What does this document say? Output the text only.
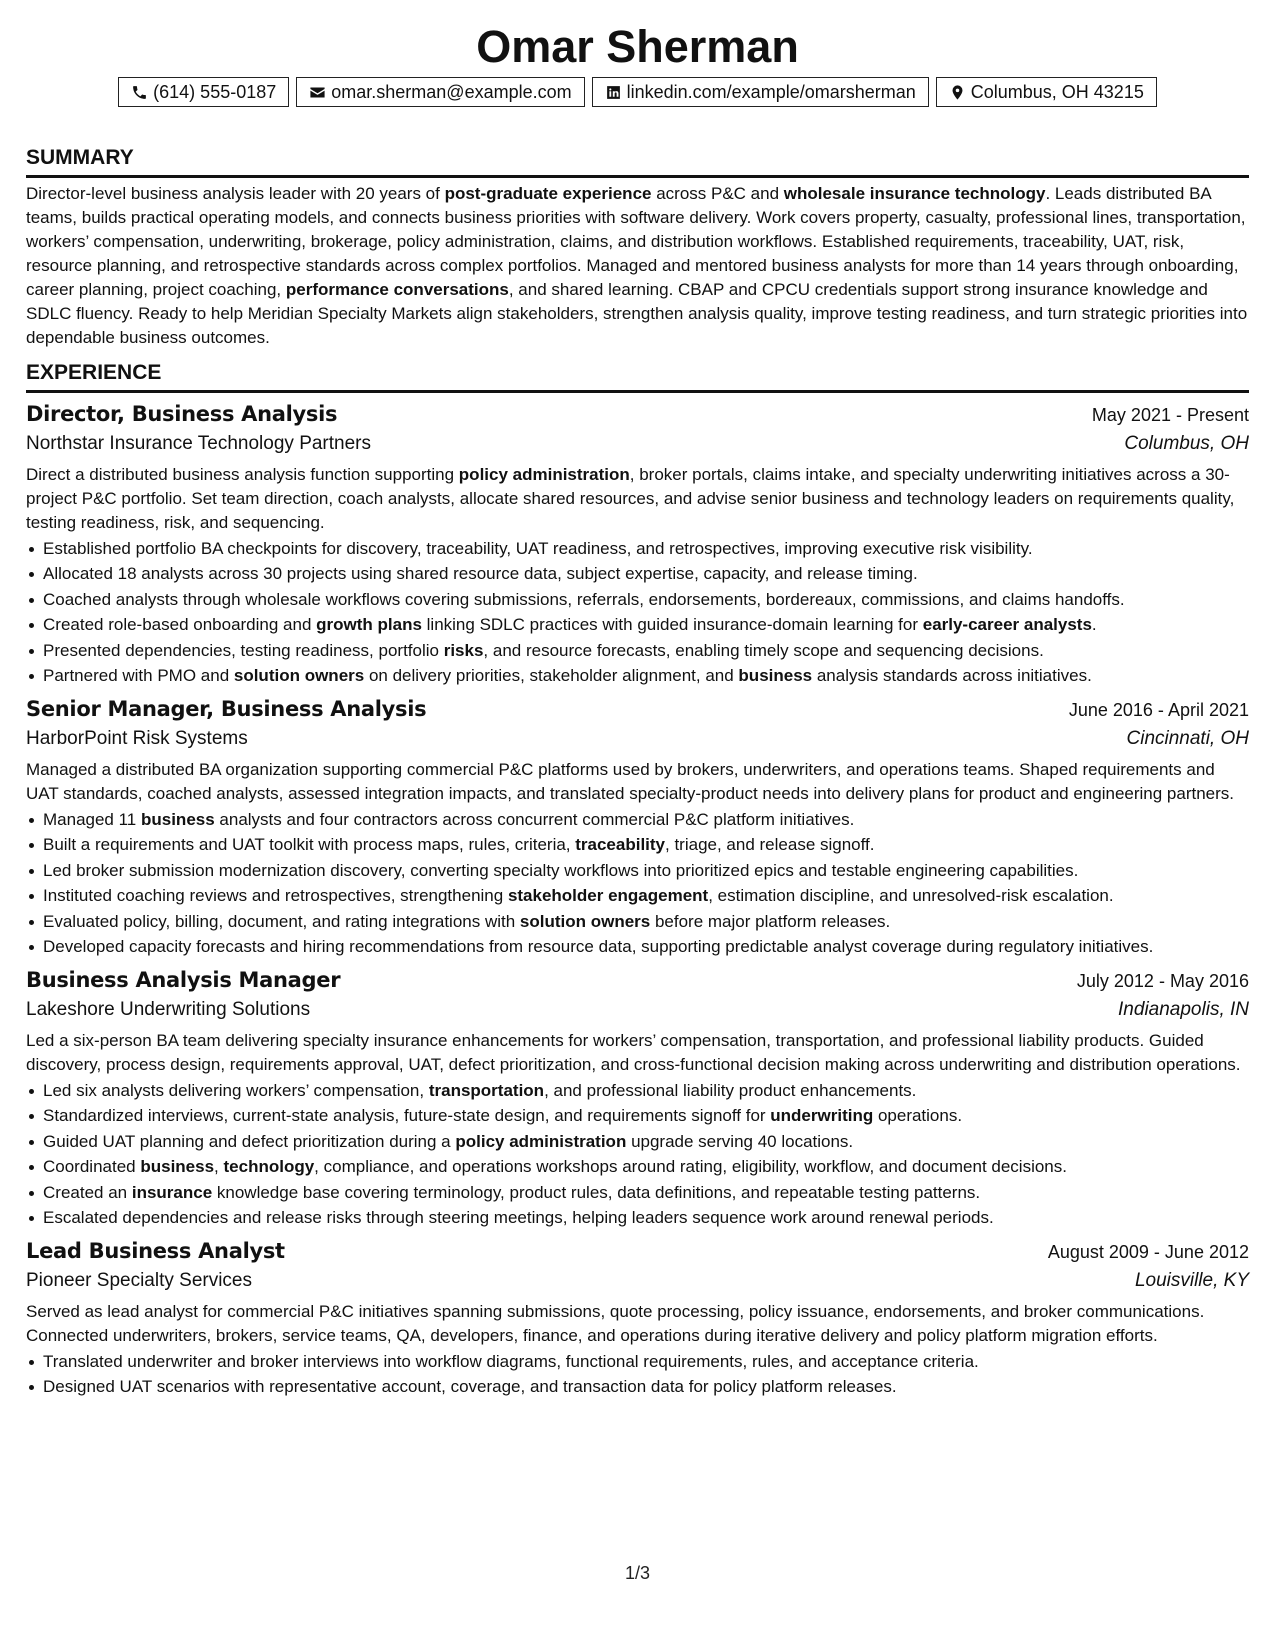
Omar Sherman
(614) 555-0187	omar.sherman@example.com	linkedin.com/example/omarsherman	Columbus, OH 43215
SUMMARY

Director-level business analysis leader with 20 years of post-graduate experience across P&C and wholesale insurance technology. Leads distributed BA teams, builds practical operating models, and connects business priorities with software delivery. Work covers property, casualty, professional lines, transportation, workers’ compensation, underwriting, brokerage, policy administration, claims, and distribution workflows. Established requirements, traceability, UAT, risk, resource planning, and retrospective standards across complex portfolios. Managed and mentored business analysts for more than 14 years through onboarding, career planning, project coaching, performance conversations, and shared learning. CBAP and CPCU credentials support strong insurance knowledge and SDLC fluency. Ready to help Meridian Specialty Markets align stakeholders, strengthen analysis quality, improve testing readiness, and turn strategic priorities into dependable business outcomes.

EXPERIENCE
Director, Business Analysis	May 2021 - Present
Northstar Insurance Technology Partners	Columbus, OH

Direct a distributed business analysis function supporting policy administration, broker portals, claims intake, and specialty underwriting initiatives across a 30-project P&C portfolio. Set team direction, coach analysts, allocate shared resources, and advise senior business and technology leaders on requirements quality, testing readiness, risk, and sequencing.

Established portfolio BA checkpoints for discovery, traceability, UAT readiness, and retrospectives, improving executive risk visibility.
Allocated 18 analysts across 30 projects using shared resource data, subject expertise, capacity, and release timing.
Coached analysts through wholesale workflows covering submissions, referrals, endorsements, bordereaux, commissions, and claims handoffs.
Created role-based onboarding and growth plans linking SDLC practices with guided insurance-domain learning for early-career analysts.
Presented dependencies, testing readiness, portfolio risks, and resource forecasts, enabling timely scope and sequencing decisions.
Partnered with PMO and solution owners on delivery priorities, stakeholder alignment, and business analysis standards across initiatives.
Senior Manager, Business Analysis	June 2016 - April 2021
HarborPoint Risk Systems	Cincinnati, OH

Managed a distributed BA organization supporting commercial P&C platforms used by brokers, underwriters, and operations teams. Shaped requirements and UAT standards, coached analysts, assessed integration impacts, and translated specialty-product needs into delivery plans for product and engineering partners.

Managed 11 business analysts and four contractors across concurrent commercial P&C platform initiatives.
Built a requirements and UAT toolkit with process maps, rules, criteria, traceability, triage, and release signoff.
Led broker submission modernization discovery, converting specialty workflows into prioritized epics and testable engineering capabilities.
Instituted coaching reviews and retrospectives, strengthening stakeholder engagement, estimation discipline, and unresolved-risk escalation.
Evaluated policy, billing, document, and rating integrations with solution owners before major platform releases.
Developed capacity forecasts and hiring recommendations from resource data, supporting predictable analyst coverage during regulatory initiatives.
Business Analysis Manager	July 2012 - May 2016
Lakeshore Underwriting Solutions	Indianapolis, IN

Led a six-person BA team delivering specialty insurance enhancements for workers’ compensation, transportation, and professional liability products. Guided discovery, process design, requirements approval, UAT, defect prioritization, and cross-functional decision making across underwriting and distribution operations.

Led six analysts delivering workers’ compensation, transportation, and professional liability product enhancements.
Standardized interviews, current-state analysis, future-state design, and requirements signoff for underwriting operations.
Guided UAT planning and defect prioritization during a policy administration upgrade serving 40 locations.
Coordinated business, technology, compliance, and operations workshops around rating, eligibility, workflow, and document decisions.
Created an insurance knowledge base covering terminology, product rules, data definitions, and repeatable testing patterns.
Escalated dependencies and release risks through steering meetings, helping leaders sequence work around renewal periods.
Lead Business Analyst	August 2009 - June 2012
Pioneer Specialty Services	Louisville, KY

Served as lead analyst for commercial P&C initiatives spanning submissions, quote processing, policy issuance, endorsements, and broker communications. Connected underwriters, brokers, service teams, QA, developers, finance, and operations during iterative delivery and policy platform migration efforts.

Translated underwriter and broker interviews into workflow diagrams, functional requirements, rules, and acceptance criteria.
Designed UAT scenarios with representative account, coverage, and transaction data for policy platform releases.
1/3
